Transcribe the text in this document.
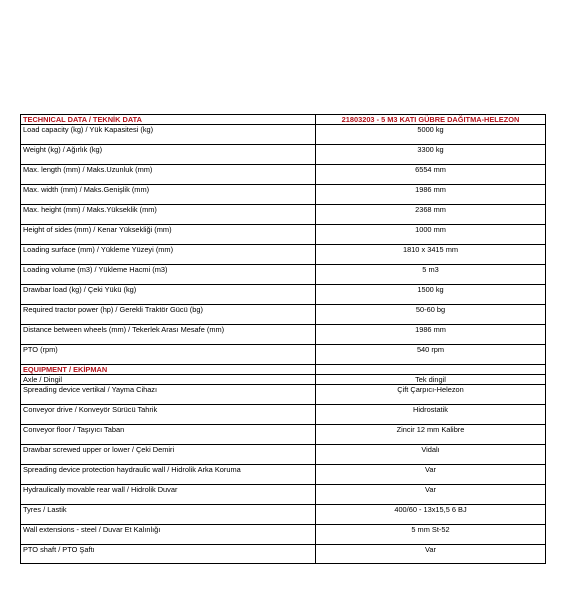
TECHNICAL DATA / TEKNİK DATA	21803203 - 5 M3 KATI GÜBRE DAĞITMA-HELEZON
Load capacity (kg) / Yük Kapasitesi (kg)	5000 kg
Weight (kg) / Ağırlık (kg)	3300 kg
Max. length (mm) / Maks.Uzunluk (mm)	6554 mm
Max. width (mm) / Maks.Genişlik (mm)	1986 mm
Max. height (mm) / Maks.Yükseklik (mm)	2368 mm
Height of sides (mm) / Kenar Yüksekliği (mm)	1000 mm
Loading surface (mm) / Yükleme Yüzeyi (mm)	1810 x 3415 mm
Loading volume (m3) / Yükleme Hacmi (m3)	5 m3
Drawbar load (kg) / Çeki Yükü (kg)	1500 kg
Required tractor power (hp) / Gerekli Traktör Gücü (bg)	50-60 bg
Distance between wheels (mm) / Tekerlek Arası Mesafe (mm)	1986 mm
PTO (rpm)	540 rpm
EQUIPMENT / EKİPMAN	
Axle / Dingil	Tek dingil
Spreading device vertikal / Yayma Cihazı	Çift Çarpıcı-Helezon
Conveyor drive / Konveyör Sürücü Tahrik	Hidrostatik
Conveyor floor / Taşıyıcı Taban	Zincir 12 mm Kalibre
Drawbar screwed upper or lower / Çeki Demiri	Vidalı
Spreading device protection haydraulic wall / Hidrolik Arka Koruma	Var
Hydraulically movable rear wall / Hidrolik Duvar	Var
Tyres / Lastik	400/60 - 13x15,5 6 BJ
Wall extensions - steel / Duvar Et Kalınlığı	5 mm St-52
PTO shaft / PTO Şaftı	Var
